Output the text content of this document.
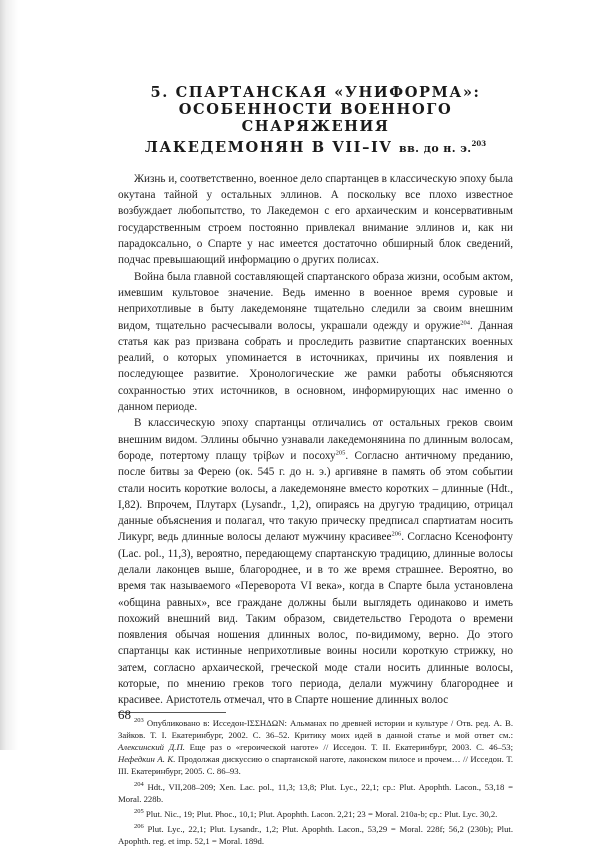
5. СПАРТАНСКАЯ «УНИФОРМА»:
ОСОБЕННОСТИ ВОЕННОГО СНАРЯЖЕНИЯ
ЛАКЕДЕМОНЯН В VII–IV вв. до н. э.$^{203}$

Жизнь и, соответственно, военное дело спартанцев в классическую эпоху была окутана тайной у остальных эллинов. А поскольку все плохо известное возбуждает любопытство, то Лакедемон с его архаическим и консервативным государственным строем постоянно привлекал внимание эллинов и, как ни парадоксально, о Спарте у нас имеется достаточно обширный блок сведений, подчас превышающий информацию о других полисах.

Война была главной составляющей спартанского образа жизни, особым актом, имевшим культовое значение. Ведь именно в военное время суровые и неприхотливые в быту лакедемоняне тщательно следили за своим внешним видом, тщательно расчесывали волосы, украшали одежду и оружие$^{204}$. Данная статья как раз призвана собрать и проследить развитие спартанских военных реалий, о которых упоминается в источниках, причины их появления и последующее развитие. Хронологические же рамки работы объясняются сохранностью этих источников, в основном, информирующих нас именно о данном периоде.

В классическую эпоху спартанцы отличались от остальных греков своим внешним видом. Эллины обычно узнавали лакедемонянина по длинным волосам, бороде, потертому плащу τρίβων и посоху$^{205}$. Согласно античному преданию, после битвы за Ферею (ок. 545 г. до н. э.) аргивяне в память об этом событии стали носить короткие волосы, а лакедемоняне вместо коротких – длинные (Hdt., I,82). Впрочем, Плутарх (Lysandr., 1,2), опираясь на другую традицию, отрицал данные объяснения и полагал, что такую прическу предписал спартиатам носить Ликург, ведь длинные волосы делают мужчину красивее$^{206}$. Согласно Ксенофонту (Lac. pol., 11,3), вероятно, передающему спартанскую традицию, длинные волосы делали лаконцев выше, благороднее, и в то же время страшнее. Вероятно, во время так называемого «Переворота VI века», когда в Спарте была установлена «община равных», все граждане должны были выглядеть одинаково и иметь похожий внешний вид. Таким образом, свидетельство Геродота о времени появления обычая ношения длинных волос, по-видимому, верно. До этого спартанцы как истинные неприхотливые воины носили короткую стрижку, но затем, согласно архаической, греческой моде стали носить длинные волосы, которые, по мнению греков того периода, делали мужчину благороднее и красивее. Аристотель отмечал, что в Спарте ношение длинных волос

$^{203}$ Опубликовано в: Исседон-ΙΣΣΗΔΩΝ: Альманах по древней истории и культуре / Отв. ред. А. В. Зайков. Т. I. Екатеринбург, 2002. С. 36–52. Критику моих идей в данной статье и мой ответ см.: Алексинский Д.П. Еще раз о «героической наготе» // Исседон. Т. II. Екатеринбург, 2003. С. 46–53; Нефедкин А. К. Продолжая дискуссию о спартанской наготе, лаконском пилосе и прочем… // Исседон. Т. III. Екатеринбург, 2005. С. 86–93.

$^{204}$ Hdt., VII,208–209; Xen. Lac. pol., 11,3; 13,8; Plut. Lyc., 22,1; ср.: Plut. Apophth. Lacon., 53,18 = Moral. 228b.

$^{205}$ Plut. Nic., 19; Plut. Phoc., 10,1; Plut. Apophth. Lacon. 2,21; 23 = Moral. 210a-b; ср.: Plut. Lyc. 30,2.

$^{206}$ Plut. Lyc., 22,1; Plut. Lysandr., 1,2; Plut. Apophth. Lacon., 53,29 = Moral. 228f; 56,2 (230b); Plut. Apophth. reg. et imp. 52,1 = Moral. 189d.

68
